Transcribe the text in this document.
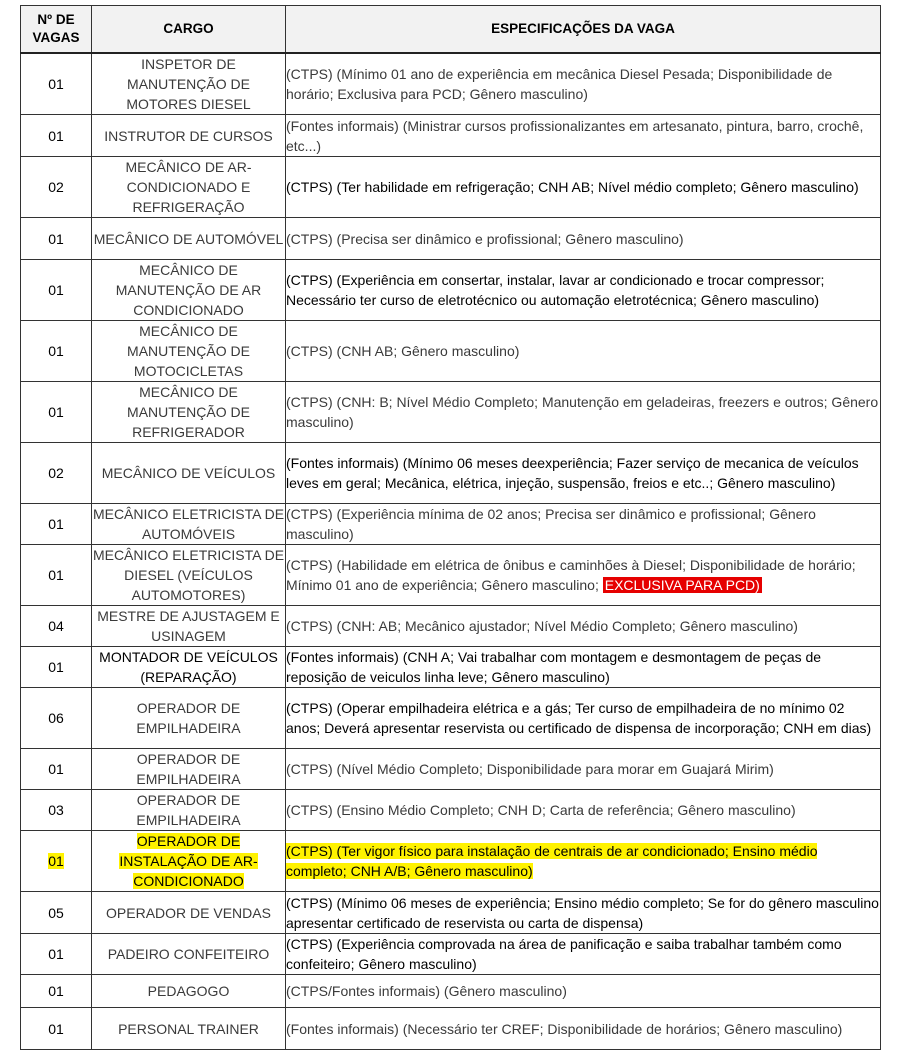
Nº DE
VAGAS	CARGO	ESPECIFICAÇÕES DA VAGA
01	INSPETOR DE MANUTENÇÃO DE MOTORES DIESEL	(CTPS) (Mínimo 01 ano de experiência em mecânica Diesel Pesada; Disponibilidade de horário; Exclusiva para PCD; Gênero masculino)
01	INSTRUTOR DE CURSOS	(Fontes informais) (Ministrar cursos profissionalizantes em artesanato, pintura, barro, crochê, etc...)
02	MECÂNICO DE AR-CONDICIONADO E REFRIGERAÇÃO	(CTPS) (Ter habilidade em refrigeração; CNH AB; Nível médio completo; Gênero masculino)
01	MECÂNICO DE AUTOMÓVEL	(CTPS) (Precisa ser dinâmico e profissional; Gênero masculino)
01	MECÂNICO DE MANUTENÇÃO DE AR CONDICIONADO	(CTPS) (Experiência em consertar, instalar, lavar ar condicionado e trocar compressor; Necessário ter curso de eletrotécnico ou automação eletrotécnica; Gênero masculino)
01	MECÂNICO DE MANUTENÇÃO DE MOTOCICLETAS	(CTPS) (CNH AB; Gênero masculino)
01	MECÂNICO DE MANUTENÇÃO DE REFRIGERADOR	(CTPS) (CNH: B; Nível Médio Completo; Manutenção em geladeiras, freezers e outros; Gênero masculino)
02	MECÂNICO DE VEÍCULOS	(Fontes informais) (Mínimo 06 meses deexperiência; Fazer serviço de mecanica de veículos leves em geral; Mecânica, elétrica, injeção, suspensão, freios e etc..; Gênero masculino)
01	MECÂNICO ELETRICISTA DE AUTOMÓVEIS	(CTPS) (Experiência mínima de 02 anos; Precisa ser dinâmico e profissional; Gênero masculino)
01	MECÂNICO ELETRICISTA DE DIESEL (VEÍCULOS AUTOMOTORES)	(CTPS) (Habilidade em elétrica de ônibus e caminhões à Diesel; Disponibilidade de horário; Mínimo 01 ano de experiência; Gênero masculino; EXCLUSIVA PARA PCD)
04	MESTRE DE AJUSTAGEM E USINAGEM	(CTPS) (CNH: AB; Mecânico ajustador; Nível Médio Completo; Gênero masculino)
01	MONTADOR DE VEÍCULOS (REPARAÇÃO)	(Fontes informais) (CNH A; Vai trabalhar com montagem e desmontagem de peças de reposição de veiculos linha leve; Gênero masculino)
06	OPERADOR DE EMPILHADEIRA	(CTPS) (Operar empilhadeira elétrica e a gás; Ter curso de empilhadeira de no mínimo 02 anos; Deverá apresentar reservista ou certificado de dispensa de incorporação; CNH em dias)
01	OPERADOR DE EMPILHADEIRA	(CTPS) (Nível Médio Completo; Disponibilidade para morar em Guajará Mirim)
03	OPERADOR DE EMPILHADEIRA	(CTPS) (Ensino Médio Completo; CNH D; Carta de referência; Gênero masculino)
01	OPERADOR DE INSTALAÇÃO DE AR-CONDICIONADO	(CTPS) (Ter vigor físico para instalação de centrais de ar condicionado; Ensino médio completo; CNH A/B; Gênero masculino)
05	OPERADOR DE VENDAS	(CTPS) (Mínimo 06 meses de experiência; Ensino médio completo; Se for do gênero masculino apresentar certificado de reservista ou carta de dispensa)
01	PADEIRO CONFEITEIRO	(CTPS) (Experiência comprovada na área de panificação e saiba trabalhar também como confeiteiro; Gênero masculino)
01	PEDAGOGO	(CTPS/Fontes informais) (Gênero masculino)
01	PERSONAL TRAINER	(Fontes informais) (Necessário ter CREF; Disponibilidade de horários; Gênero masculino)
